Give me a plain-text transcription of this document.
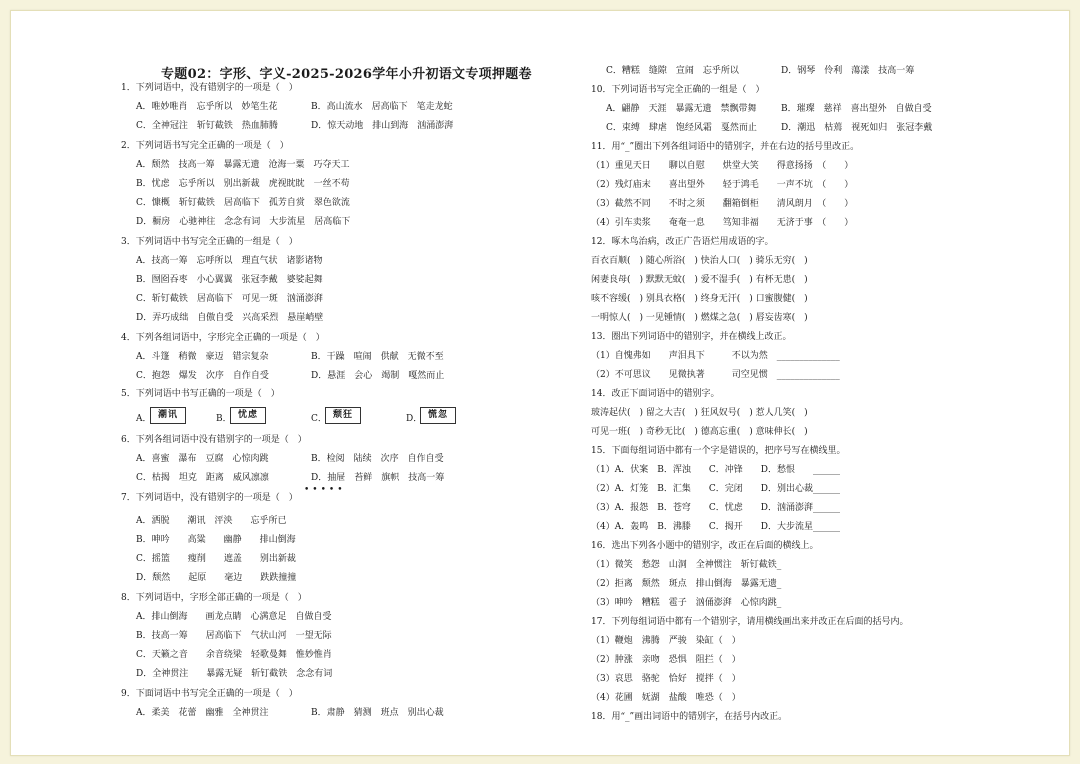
专题02：字形、字义-2025-2026学年小升初语文专项押题卷
•••••
1．下列词语中，没有错别字的一项是（　）
A．唯妙唯肖　忘乎所以　妙笔生花	B．高山流水　居高临下　笔走龙蛇
C．全神冠注　斩钉截铁　热血肺腾	D．惊天动地　排山到海　汹涌澎湃
2．下列词语书写完全正确的一项是（　）
A．颓然　技高一筹　暴露无遗　沧海一粟　巧夺天工
B．忧虑　忘乎所以　别出新裁　虎视眈眈　一丝不苟
C．慷概　斩钉截铁　居高临下　孤芳自赏　翠色欲流
D．橱房　心驰神往　念念有词　大步流星　居高临下
3．下列词语中书写完全正确的一组是（　）
A．技高一筹　忘呼所以　理直气状　诸影诸物
B．囫囵吞枣　小心翼翼　张冠李戴　婆娑起舞
C．斩钉截铁　居高临下　可见一斑　汹涌澎湃
D．弄巧成绌　自傲自受　兴高采烈　悬崖峭壁
4．下列各组词语中，字形完全正确的一项是（　）
A．斗篷　稍微　豪迈　错宗复杂	B．干躁　喧闹　供献　无微不至
C．抱怨　爆发　次序　自作自受	D．悬涯　会心　竭制　嘎然而止
5．下列词语中书写正确的一项是（　）
6．下列各组词语中没有错别字的一项是（　）
A．喜蜜　瀑布　豆腐　心惊肉跳	B．检阅　陆续　次序　自作自受
C．枯揭　坦克　距离　威风凛凛	D．抽屉　苔鲜　旗帜　技高一筹
7．下列词语中，没有错别字的一项是（　）
A．洒脱　　潮讯　泙泱　　忘乎所已
B．呻吟　　高粱　　幽静　　排山倒海
C．摇篮　　瘦削　　遮盖　　别出新裁
D．颓然　　起原　　毫边　　跌跌撞撞
8．下列词语中，字形全部正确的一项是（　）
A．排山倒海　　画龙点睛　心满意足　自做自受
B．技高一筹　　居高临下　气状山河　一望无际
C．天籁之音　　余音绕梁　轻歌曼舞　惟妙惟肖
D．全神贯注　　暴露无疑　斩钉截铁　念念有词
9．下面词语中书写完全正确的一项是（　）
A．柔美　花蕾　幽雅　全神贯注	B．肃静　猜测　班点　别出心裁
A． 潮讯	B． 忧虑	C． 颓狂	D． 慌忽
C．糟糕　缝隙　宣闹　忘乎所以	D．钢琴　伶利　蕩漾　技高一筹
10．下列词语书写完全正确的一组是（　）
A．翩静　天涯　暴露无遗　禁飘带舞	B．璀璨　慈祥　喜出望外　自做自受
C．束缚　肆虐　饱经风霜　戛然而止	D．潮迅　枯蔫　视死如归　张冠李戴
11．用“_”圈出下列各组词语中的错别字，并在右边的括号里改正。
（1）重见天日　　聊以自慰　　烘堂大笑　　得意扬扬　（　　）
（2）残灯庙末　　喜出望外　　轻于鸿毛　　一声不坑　（　　）
（3）截然不同　　不时之须　　翻箱倒柜　　清风朗月　（　　）
（4）引车卖浆　　奄奄一息　　笃知非福　　无济于事　（　　）
12．啄木鸟治病，改正广告语烂用成语的字。
百衣百顺(　) 随心所浴(　) 快治人口(　) 骑乐无穷(　)
闲妻良母(　) 默默无蚊(　) 爱不湿手(　) 有杯无患(　)
咳不容缓(　) 别具衣格(　) 终身无汗(　) 口蜜腹健(　)
一明惊人(　) 一见锺情(　) 燃煤之急(　) 唇妄齿寒(　)
13．圈出下列词语中的错别字，并在横线上改正。
（1）自愧弗如　　声泪具下　　　不以为然　______________
（2）不可思议　　见微执著　　　司空见惯　______________
14．改正下面词语中的错别字。
玻涛起伏(　) 留之大吉(　) 狂风奴号(　) 惹人几笑(　)
可见一班(　) 奇秒无比(　) 德高忘重(　) 意味伸长(　)
15．下面每组词语中都有一个字是错误的，把序号写在横线里。
（1）A．伏案　B．浑浊　　C．冲锋　　D．愁恨　　______
（2）A．灯笼　B．汇集　　C．完闭　　D．别出心裁______
（3）A．报怨　B．苍穹　　C．忧虑　　D．汹涌澎湃______
（4）A．轰鸣　B．沸滕　　C．揭开　　D．大步流星______
16．选出下列各小题中的错别字，改正在后面的横线上。
（1）微笑　愁怨　山洞　全神惯注　斩钉截铁_
（2）拒离　颓然　斑点　排山倒海　暴露无遗_
（3）呻吟　糟糕　雹子　汹俑澎湃　心惊肉跳_
17．下列每组词语中都有一个错别字，请用横线画出来并改正在后面的括号内。
（1）鞭炮　沸腾　严骏　染缸（　）
（2）肿涨　亲吻　恐惧　阻拦（　）
（3）哀思　骆驼　恰好　搅拌（　）
（4）花圃　妩湖　盐酸　唯恐（　）
18．用“_”画出词语中的错别字，在括号内改正。
